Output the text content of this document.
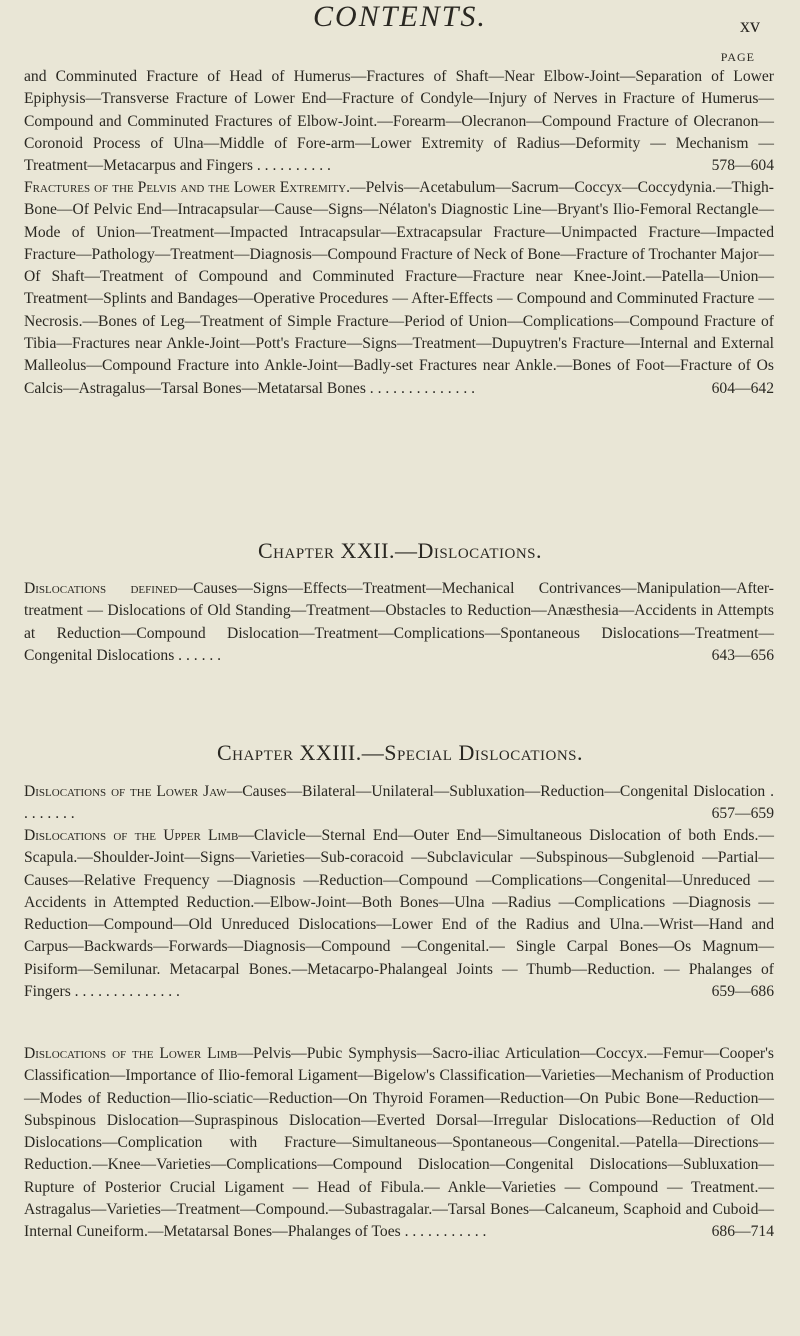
CONTENTS.	xv
PAGE

and Comminuted Fracture of Head of Humerus—Fractures of Shaft—Near Elbow-Joint—Separation of Lower Epiphysis—Transverse Fracture of Lower End—Fracture of Condyle—Injury of Nerves in Fracture of Humerus—Compound and Comminuted Fractures of Elbow-Joint.—Forearm—Olecranon—Compound Fracture of Olecranon—Coronoid Process of Ulna—Middle of Fore-arm—Lower Extremity of Radius—Deformity — Mechanism — Treatment—Metacarpus and Fingers . . . . . . . . . .	578—604

Fractures of the Pelvis and the Lower Extremity.—Pelvis—Acetabulum—Sacrum—Coccyx—Coccydynia.—Thigh-Bone—Of Pelvic End—Intracapsular—Cause—Signs—Nélaton's Diagnostic Line—Bryant's Ilio-Femoral Rectangle—Mode of Union—Treatment—Impacted Intracapsular—Extracapsular Fracture—Unimpacted Fracture—Impacted Fracture—Pathology—Treatment—Diagnosis—Compound Fracture of Neck of Bone—Fracture of Trochanter Major—Of Shaft—Treatment of Compound and Comminuted Fracture—Fracture near Knee-Joint.—Patella—Union—Treatment—Splints and Bandages—Operative Procedures — After-Effects — Compound and Comminuted Fracture — Necrosis.—Bones of Leg—Treatment of Simple Fracture—Period of Union—Complications—Compound Fracture of Tibia—Fractures near Ankle-Joint—Pott's Fracture—Signs—Treatment—Dupuytren's Fracture—Internal and External Malleolus—Compound Fracture into Ankle-Joint—Badly-set Fractures near Ankle.—Bones of Foot—Fracture of Os Calcis—Astragalus—Tarsal Bones—Metatarsal Bones . . . . . . . . . . . . . .	604—642

Chapter XXII.—Dislocations.

Dislocations defined—Causes—Signs—Effects—Treatment—Mechanical Contrivances—Manipulation—After-treatment — Dislocations of Old Standing—Treatment—Obstacles to Reduction—Anæsthesia—Accidents in Attempts at Reduction—Compound Dislocation—Treatment—Complications—Spontaneous Dislocations—Treatment—Congenital Dislocations . . . . . .	643—656

Chapter XXIII.—Special Dislocations.

Dislocations of the Lower Jaw—Causes—Bilateral—Unilateral—Subluxation—Reduction—Congenital Dislocation . . . . . . . .	657—659

Dislocations of the Upper Limb—Clavicle—Sternal End—Outer End—Simultaneous Dislocation of both Ends.—Scapula.—Shoulder-Joint—Signs—Varieties—Sub-coracoid —Subclavicular —Subspinous—Subglenoid —Partial—Causes—Relative Frequency —Diagnosis —Reduction—Compound —Complications—Congenital—Unreduced —Accidents in Attempted Reduction.—Elbow-Joint—Both Bones—Ulna —Radius —Complications —Diagnosis —Reduction—Compound—Old Unreduced Dislocations—Lower End of the Radius and Ulna.—Wrist—Hand and Carpus—Backwards—Forwards—Diagnosis—Compound —Congenital.— Single Carpal Bones—Os Magnum—Pisiform—Semilunar. Metacarpal Bones.—Metacarpo-Phalangeal Joints — Thumb—Reduction. — Phalanges of Fingers . . . . . . . . . . . . . .	659—686

Dislocations of the Lower Limb—Pelvis—Pubic Symphysis—Sacro-iliac Articulation—Coccyx.—Femur—Cooper's Classification—Importance of Ilio-femoral Ligament—Bigelow's Classification—Varieties—Mechanism of Production—Modes of Reduction—Ilio-sciatic—Reduction—On Thyroid Foramen—Reduction—On Pubic Bone—Reduction—Subspinous Dislocation—Supraspinous Dislocation—Everted Dorsal—Irregular Dislocations—Reduction of Old Dislocations—Complication with Fracture—Simultaneous—Spontaneous—Congenital.—Patella—Directions—Reduction.—Knee—Varieties—Complications—Compound Dislocation—Congenital Dislocations—Subluxation—Rupture of Posterior Crucial Ligament — Head of Fibula.— Ankle—Varieties — Compound — Treatment.—Astragalus—Varieties—Treatment—Compound.—Subastragalar.—Tarsal Bones—Calcaneum, Scaphoid and Cuboid—Internal Cuneiform.—Metatarsal Bones—Phalanges of Toes . . . . . . . . . . .	686—714
